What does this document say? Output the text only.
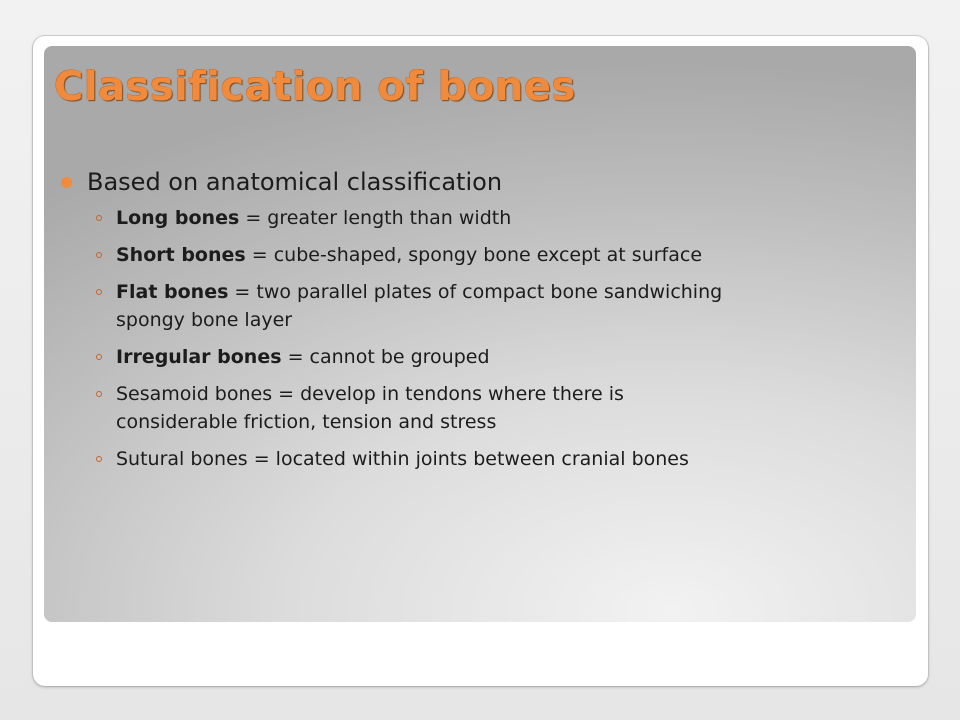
Classification of bones
Based on anatomical classification
Long bones = greater length than width
Short bones = cube-shaped, spongy bone except at surface
Flat bones = two parallel plates of compact bone sandwiching
spongy bone layer
Irregular bones = cannot be grouped
Sesamoid bones = develop in tendons where there is
considerable friction, tension and stress
Sutural bones = located within joints between cranial bones
